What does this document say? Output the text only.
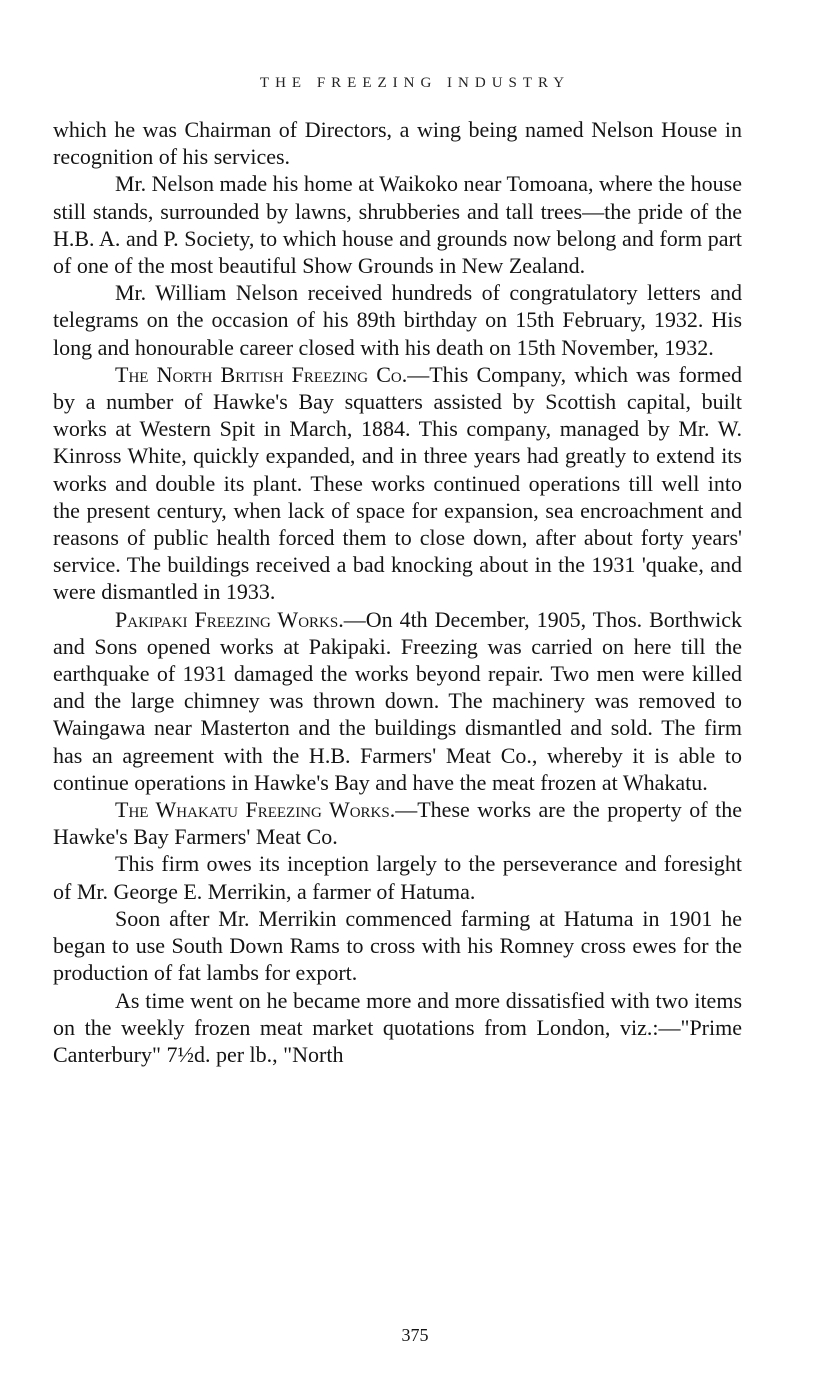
THE FREEZING INDUSTRY

which he was Chairman of Directors, a wing being named Nelson House in recognition of his services.

Mr. Nelson made his home at Waikoko near Tomoana, where the house still stands, surrounded by lawns, shrubberies and tall trees—the pride of the H.B. A. and P. Society, to which house and grounds now belong and form part of one of the most beautiful Show Grounds in New Zealand.

Mr. William Nelson received hundreds of congratulatory letters and telegrams on the occasion of his 89th birthday on 15th February, 1932. His long and honourable career closed with his death on 15th November, 1932.

The North British Freezing Co.—This Company, which was formed by a number of Hawke's Bay squatters assisted by Scottish capital, built works at Western Spit in March, 1884. This company, managed by Mr. W. Kinross White, quickly expanded, and in three years had greatly to extend its works and double its plant. These works continued operations till well into the present century, when lack of space for expansion, sea encroachment and reasons of public health forced them to close down, after about forty years' service. The buildings received a bad knocking about in the 1931 'quake, and were dismantled in 1933.

Pakipaki Freezing Works.—On 4th December, 1905, Thos. Borthwick and Sons opened works at Pakipaki. Freezing was carried on here till the earthquake of 1931 damaged the works beyond repair. Two men were killed and the large chimney was thrown down. The machinery was removed to Waingawa near Masterton and the buildings dismantled and sold. The firm has an agreement with the H.B. Farmers' Meat Co., whereby it is able to continue operations in Hawke's Bay and have the meat frozen at Whakatu.

The Whakatu Freezing Works.—These works are the property of the Hawke's Bay Farmers' Meat Co.

This firm owes its inception largely to the perseverance and foresight of Mr. George E. Merrikin, a farmer of Hatuma.

Soon after Mr. Merrikin commenced farming at Hatuma in 1901 he began to use South Down Rams to cross with his Romney cross ewes for the production of fat lambs for export.

As time went on he became more and more dissatisfied with two items on the weekly frozen meat market quotations from London, viz.:—"Prime Canterbury" 7½d. per lb., "North

375
